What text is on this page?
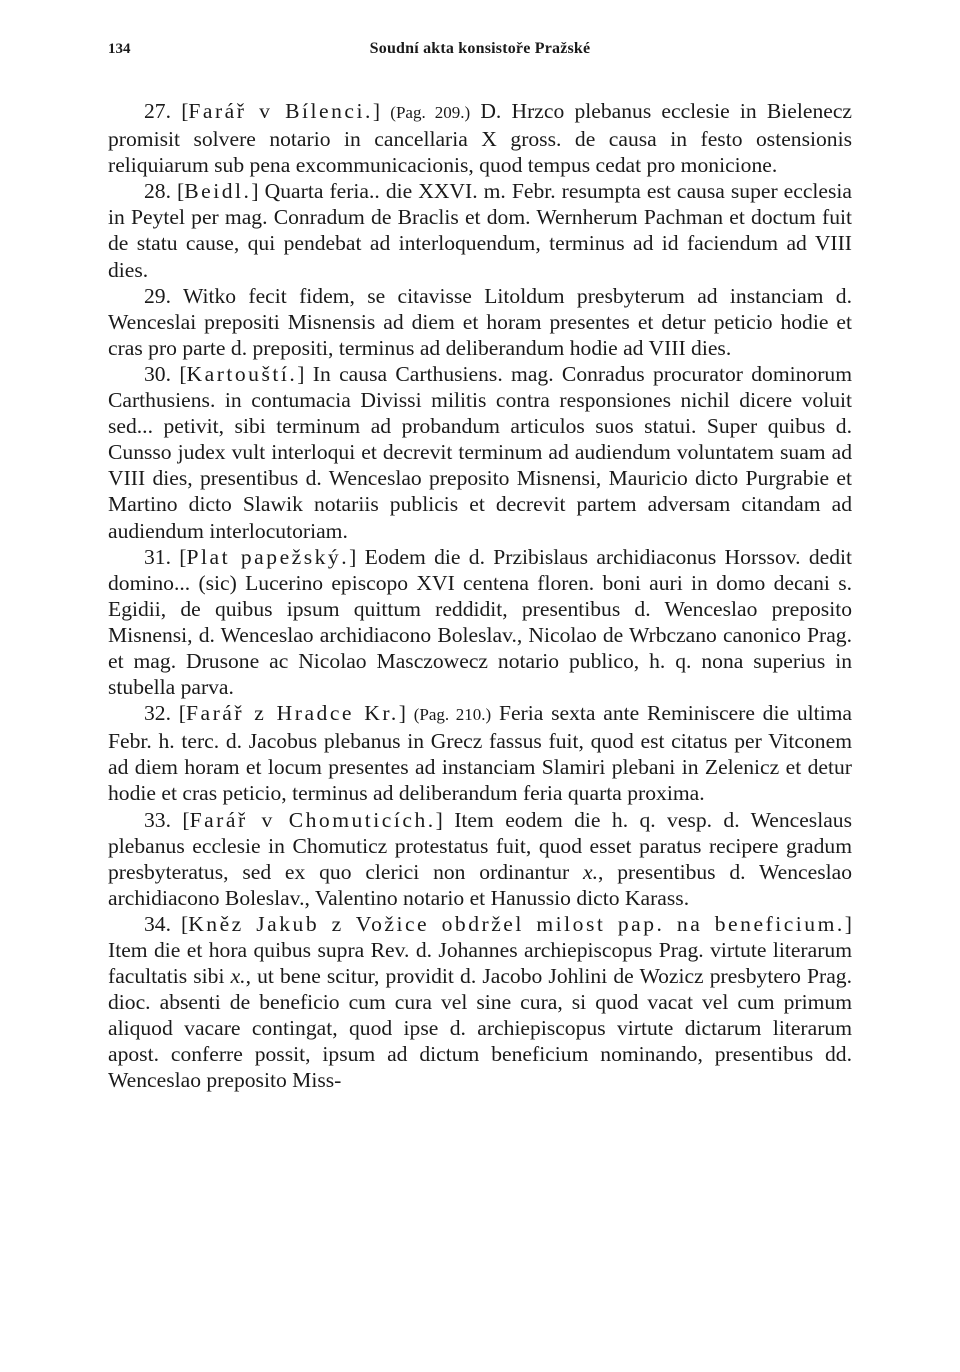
134	Soudní akta konsistoře Pražské

27. [Farář v Bílenci.] (Pag. 209.) D. Hrzco plebanus ecclesie in Bielenecz promisit solvere notario in cancellaria X gross. de causa in festo ostensionis reliquiarum sub pena excommunicacionis, quod tempus cedat pro monicione.

28. [Beidl.] Quarta feria.. die XXVI. m. Febr. resumpta est causa super ecclesia in Peytel per mag. Conradum de Braclis et dom. Wernherum Pachman et doctum fuit de statu cause, qui pendebat ad interloquendum, terminus ad id faciendum ad VIII dies.

29. Witko fecit fidem, se citavisse Litoldum presbyterum ad instanciam d. Wenceslai prepositi Misnensis ad diem et horam presentes et detur peticio hodie et cras pro parte d. prepositi, terminus ad deliberandum hodie ad VIII dies.

30. [Kartouští.] In causa Carthusiens. mag. Conradus procurator dominorum Carthusiens. in contumacia Divissi militis contra responsiones nichil dicere voluit sed... petivit, sibi terminum ad probandum articulos suos statui. Super quibus d. Cunsso judex vult interloqui et decrevit terminum ad audiendum voluntatem suam ad VIII dies, presentibus d. Wenceslao preposito Misnensi, Mauricio dicto Purgrabie et Martino dicto Slawik notariis publicis et decrevit partem adversam citandam ad audiendum interlocutoriam.

31. [Plat papežský.] Eodem die d. Przibislaus archidiaconus Horssov. dedit domino... (sic) Lucerino episcopo XVI centena floren. boni auri in domo decani s. Egidii, de quibus ipsum quittum reddidit, presentibus d. Wenceslao preposito Misnensi, d. Wenceslao archidiacono Boleslav., Nicolao de Wrbczano canonico Prag. et mag. Drusone ac Nicolao Masczowecz notario publico, h. q. nona superius in stubella parva.

32. [Farář z Hradce Kr.] (Pag. 210.) Feria sexta ante Reminiscere die ultima Febr. h. terc. d. Jacobus plebanus in Grecz fassus fuit, quod est citatus per Vitconem ad diem horam et locum presentes ad instanciam Slamiri plebani in Zelenicz et detur hodie et cras peticio, terminus ad deliberandum feria quarta proxima.

33. [Farář v Chomuticích.] Item eodem die h. q. vesp. d. Wenceslaus plebanus ecclesie in Chomuticz protestatus fuit, quod esset paratus recipere gradum presbyteratus, sed ex quo clerici non ordinantur x., presentibus d. Wenceslao archidiacono Boleslav., Valentino notario et Hanussio dicto Karass.

34. [Kněz Jakub z Vožice obdržel milost pap. na beneficium.] Item die et hora quibus supra Rev. d. Johannes archiepiscopus Prag. virtute literarum facultatis sibi x., ut bene scitur, providit d. Jacobo Johlini de Wozicz presbytero Prag. dioc. absenti de beneficio cum cura vel sine cura, si quod vacat vel cum primum aliquod vacare contingat, quod ipse d. archiepiscopus virtute dictarum literarum apost. conferre possit, ipsum ad dictum beneficium nominando, presentibus dd. Wenceslao preposito Miss-
